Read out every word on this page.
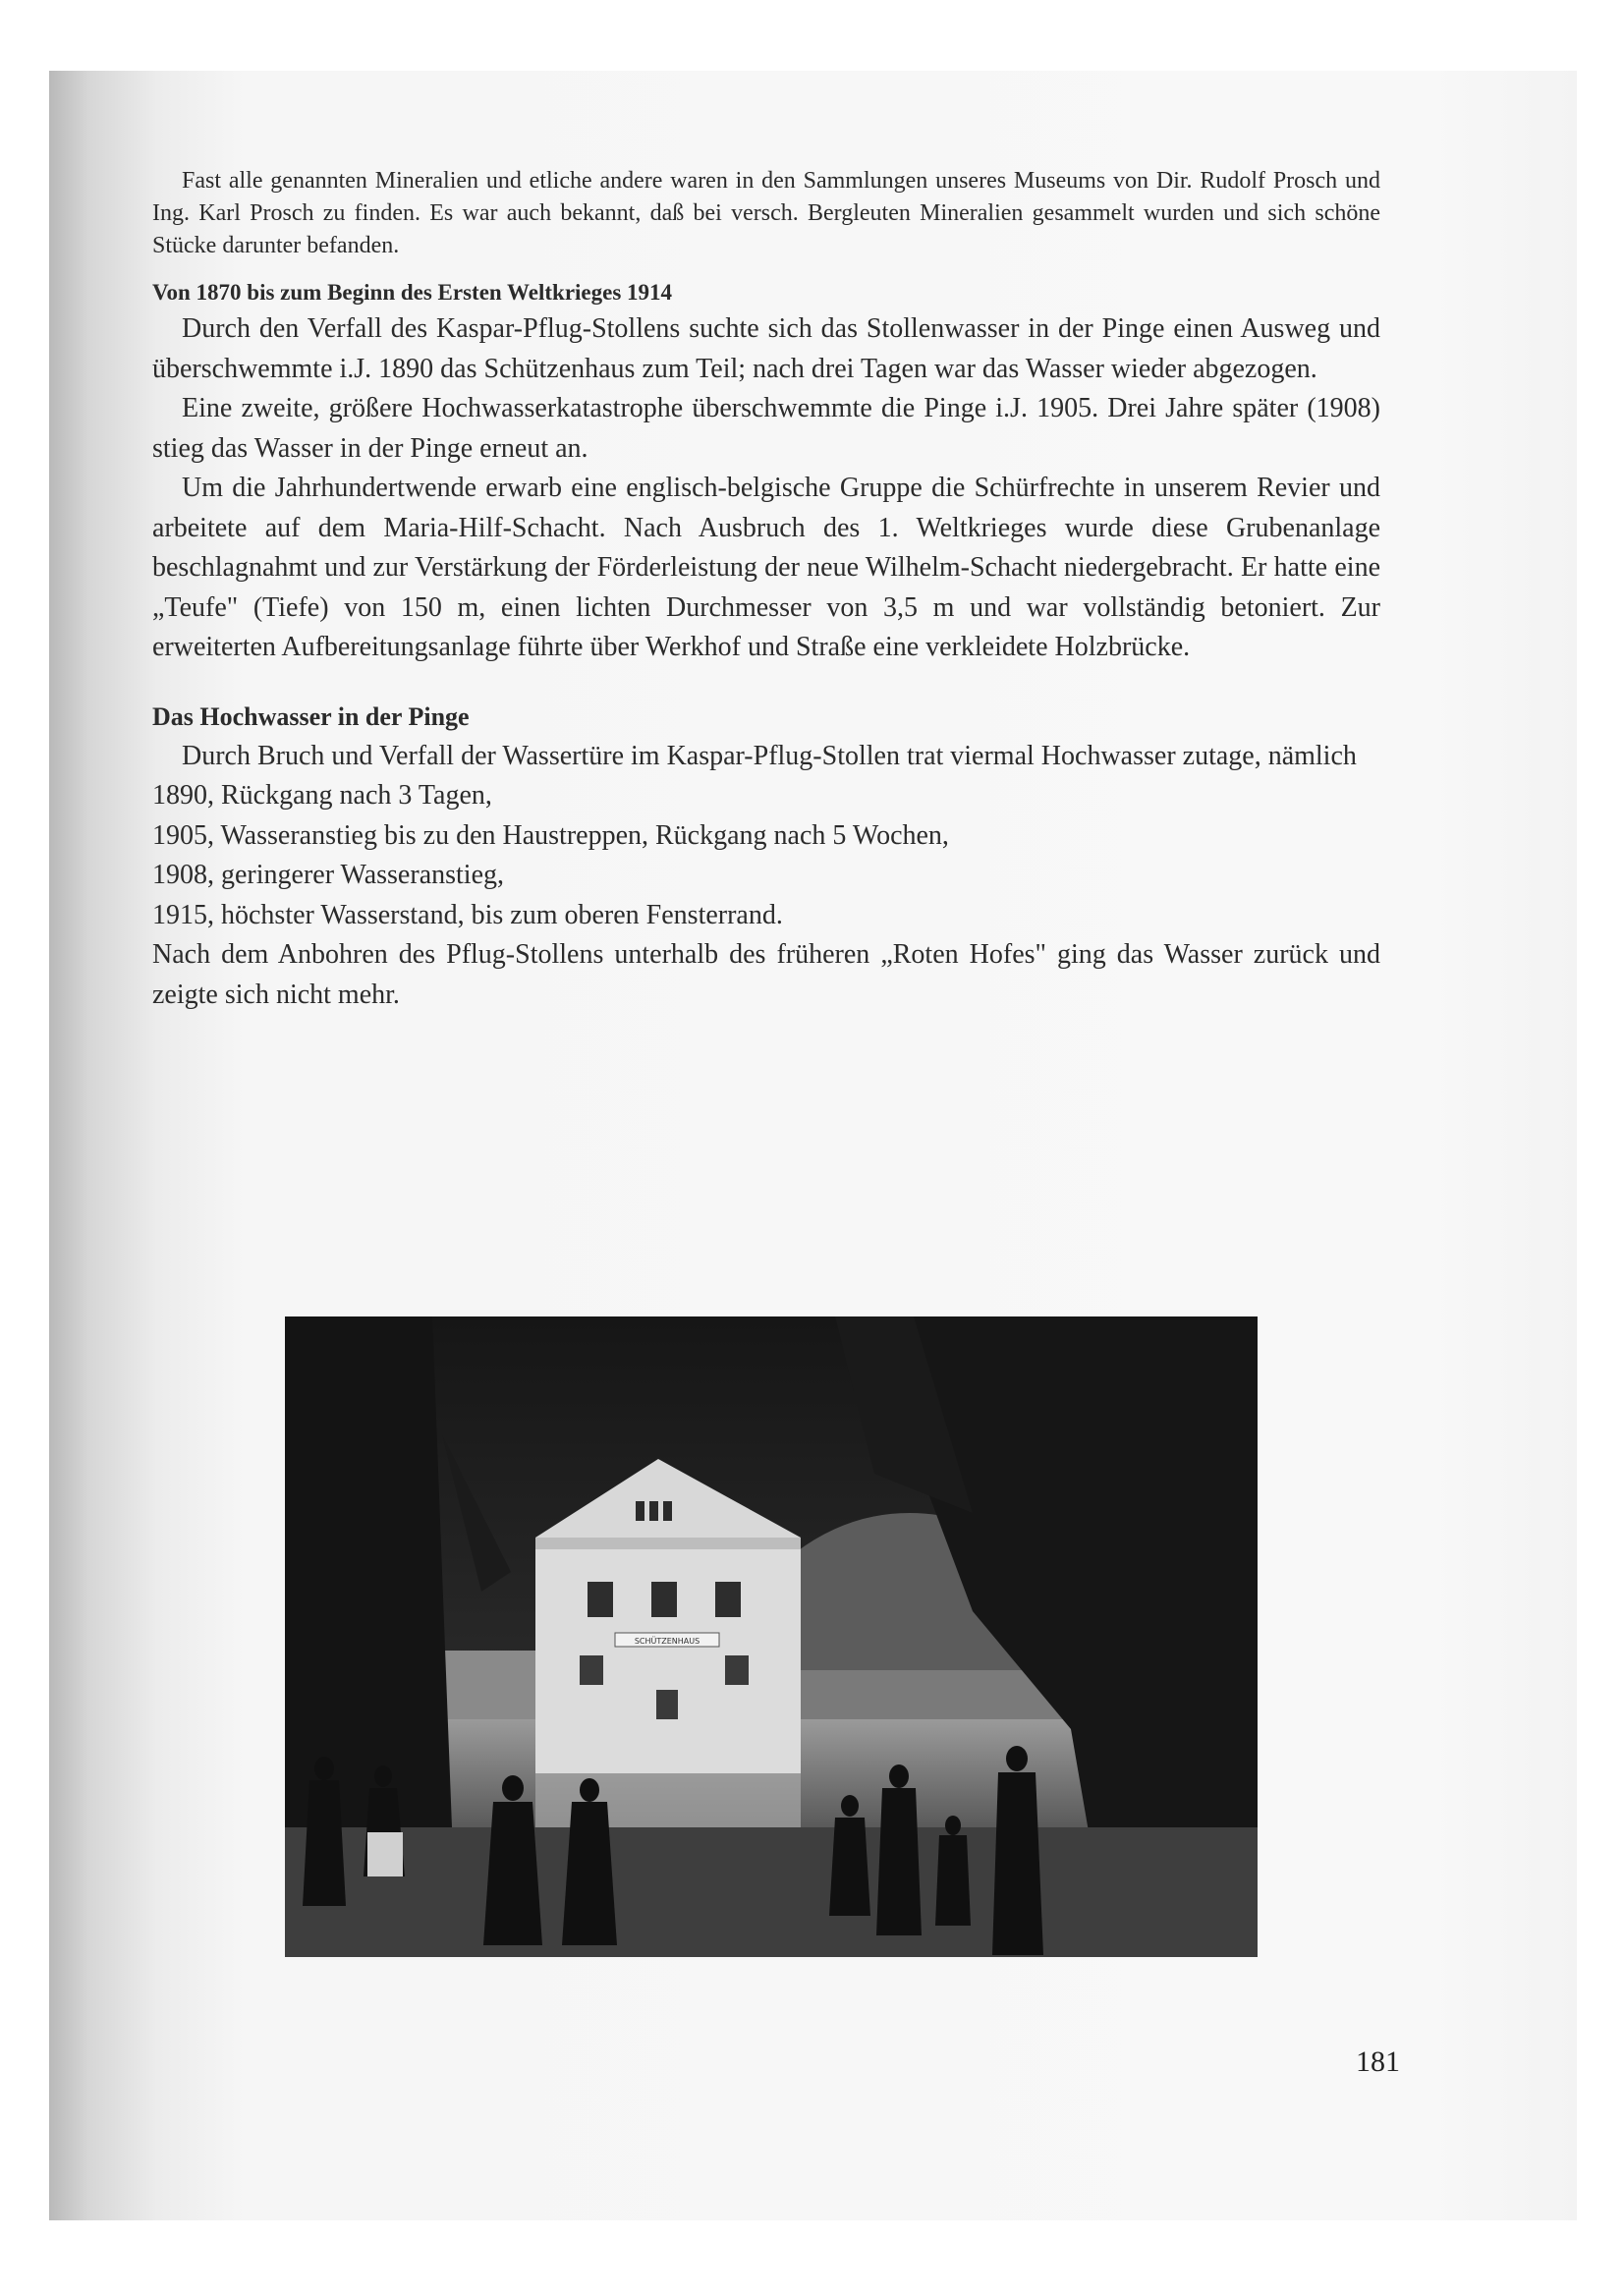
Fast alle genannten Mineralien und etliche andere waren in den Sammlungen unseres Museums von Dir. Rudolf Prosch und Ing. Karl Prosch zu finden. Es war auch bekannt, daß bei versch. Bergleuten Mineralien gesammelt wurden und sich schöne Stücke darunter befanden.

Von 1870 bis zum Beginn des Ersten Weltkrieges 1914

Durch den Verfall des Kaspar-Pflug-Stollens suchte sich das Stollenwasser in der Pinge einen Ausweg und überschwemmte i.J. 1890 das Schützenhaus zum Teil; nach drei Tagen war das Wasser wieder abgezogen.

Eine zweite, größere Hochwasserkatastrophe überschwemmte die Pinge i.J. 1905. Drei Jahre später (1908) stieg das Wasser in der Pinge erneut an.

Um die Jahrhundertwende erwarb eine englisch-belgische Gruppe die Schürfrechte in unserem Revier und arbeitete auf dem Maria-Hilf-Schacht. Nach Ausbruch des 1. Weltkrieges wurde diese Grubenanlage beschlagnahmt und zur Verstärkung der Förderleistung der neue Wilhelm-Schacht niedergebracht. Er hatte eine „Teufe" (Tiefe) von 150 m, einen lichten Durchmesser von 3,5 m und war vollständig betoniert. Zur erweiterten Aufbereitungsanlage führte über Werkhof und Straße eine verkleidete Holzbrücke.

Das Hochwasser in der Pinge

Durch Bruch und Verfall der Wassertüre im Kaspar-Pflug-Stollen trat viermal Hochwasser zutage, nämlich

1890, Rückgang nach 3 Tagen,

1905, Wasseranstieg bis zu den Haustreppen, Rückgang nach 5 Wochen,

1908, geringerer Wasseranstieg,

1915, höchster Wasserstand, bis zum oberen Fensterrand.

Nach dem Anbohren des Pflug-Stollens unterhalb des früheren „Roten Hofes" ging das Wasser zurück und zeigte sich nicht mehr.

SCHÜTZENHAUS
181
